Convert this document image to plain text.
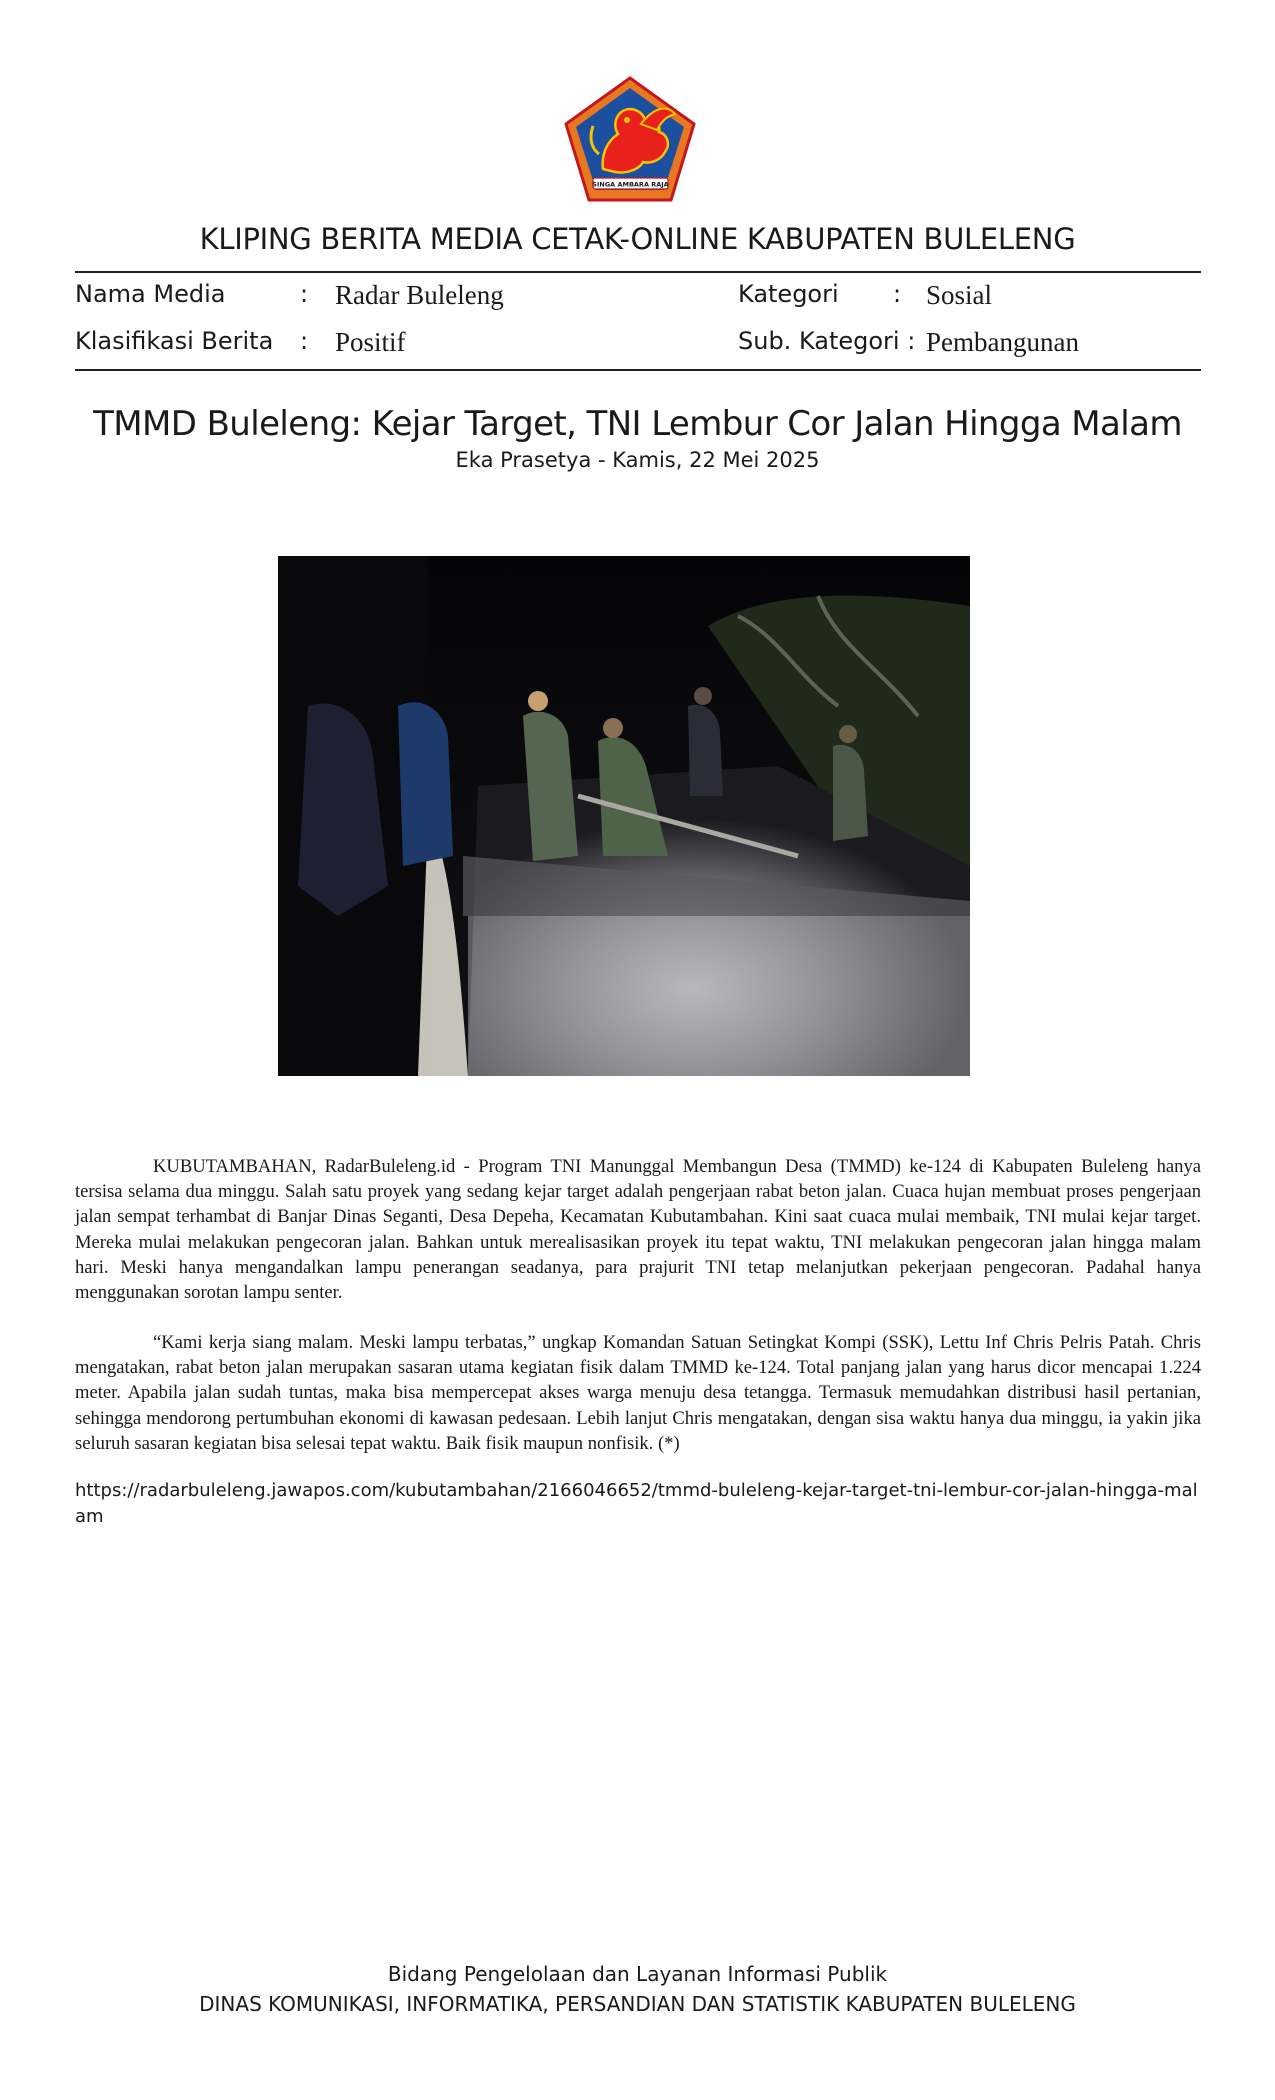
SINGA AMBARA RAJA
KLIPING BERITA MEDIA CETAK-ONLINE KABUPATEN BULELENG
Nama Media	: Radar Buleleng	Kategori : Sosial
Klasifikasi Berita : Positif	Sub. Kategori : Pembangunan
TMMD Buleleng: Kejar Target, TNI Lembur Cor Jalan Hingga Malam
Eka Prasetya - Kamis, 22 Mei 2025
KUBUTAMBAHAN, RadarBuleleng.id - Program TNI Manunggal Membangun Desa (TMMD) ke-124 di Kabupaten Buleleng hanya tersisa selama dua minggu. Salah satu proyek yang sedang kejar target adalah pengerjaan rabat beton jalan. Cuaca hujan membuat proses pengerjaan jalan sempat terhambat di Banjar Dinas Seganti, Desa Depeha, Kecamatan Kubutambahan. Kini saat cuaca mulai membaik, TNI mulai kejar target. Mereka mulai melakukan pengecoran jalan. Bahkan untuk merealisasikan proyek itu tepat waktu, TNI melakukan pengecoran jalan hingga malam hari. Meski hanya mengandalkan lampu penerangan seadanya, para prajurit TNI tetap melanjutkan pekerjaan pengecoran. Padahal hanya menggunakan sorotan lampu senter.
“Kami kerja siang malam. Meski lampu terbatas,” ungkap Komandan Satuan Setingkat Kompi (SSK), Lettu Inf Chris Pelris Patah. Chris mengatakan, rabat beton jalan merupakan sasaran utama kegiatan fisik dalam TMMD ke-124. Total panjang jalan yang harus dicor mencapai 1.224 meter. Apabila jalan sudah tuntas, maka bisa mempercepat akses warga menuju desa tetangga. Termasuk memudahkan distribusi hasil pertanian, sehingga mendorong pertumbuhan ekonomi di kawasan pedesaan. Lebih lanjut Chris mengatakan, dengan sisa waktu hanya dua minggu, ia yakin jika seluruh sasaran kegiatan bisa selesai tepat waktu. Baik fisik maupun nonfisik. (*)
https://radarbuleleng.jawapos.com/kubutambahan/2166046652/tmmd-buleleng-kejar-target-tni-lembur-cor-jalan-hingga-malam
Bidang Pengelolaan dan Layanan Informasi Publik
DINAS KOMUNIKASI, INFORMATIKA, PERSANDIAN DAN STATISTIK KABUPATEN BULELENG
